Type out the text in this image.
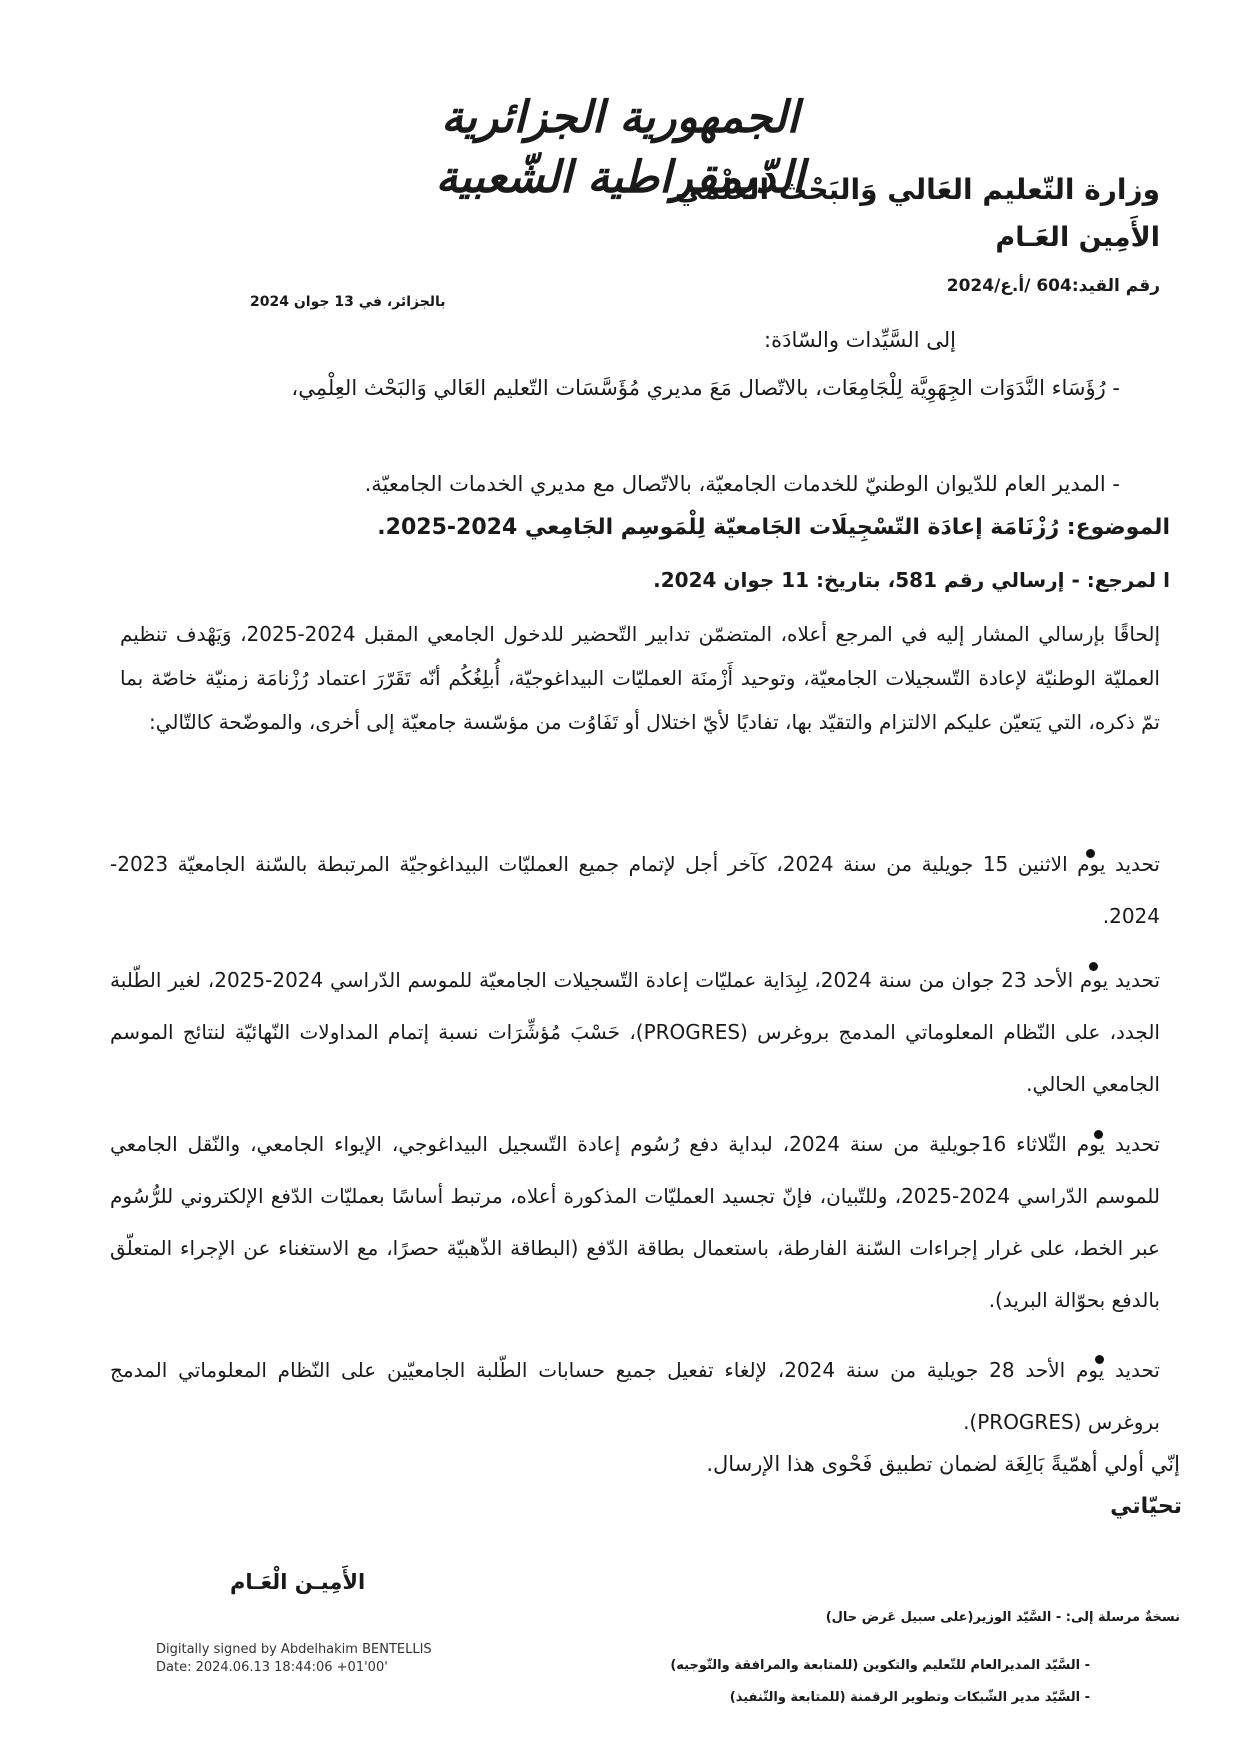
الجمهورية الجزائرية الدّيمقراطية الشّعبية
وزارة التّعليم العَالي وَالبَحْث العلْمي
الأَمِين العَـام
رقم القيد:604 /أ.ع/2024
بالجزائر، في 13 جوان 2024
إلى السَّيِّدات والسّادَة:
- رُؤَسَاء النَّدَوَات الجِهَوِيَّة لِلْجَامِعَات، بالاتّصال مَعَ مديري مُؤَسَّسَات التّعليم العَالي وَالبَحْث العِلْمِي،
- المدير العام للدّيوان الوطنيّ للخدمات الجامعيّة، بالاتّصال مع مديري الخدمات الجامعيّة.
الموضوع: رُزْنَامَة إعادَة التّسْجِيلَات الجَامعيّة لِلْمَوسِم الجَامِعي 2024-2025.
ا لمرجع: - إرسالي رقم 581، بتاريخ: 11 جوان 2024.
إلحاقًا بإرسالي المشار إليه في المرجع أعلاه، المتضمّن تدابير التّحضير للدخول الجامعي المقبل 2024-2025، وَيَهْدف تنظيم العمليّة الوطنيّة لإعادة التّسجيلات الجامعيّة، وتوحيد أَزْمنَة العمليّات البيداغوجيّة، أُبلِغُكُم أنّه تَقَرّرَ اعتماد رُزْنامَة زمنيّة خاصّة بما تمّ ذكره، التي يَتعيّن عليكم الالتزام والتقيّد بها، تفاديًا لأيّ اختلال أو تَفَاوُت من مؤسّسة جامعيّة إلى أخرى، والموضّحة كالتّالي:
تحديد يوم الاثنين 15 جويلية من سنة 2024، كآخر أجل لإتمام جميع العمليّات البيداغوجيّة المرتبطة بالسّنة الجامعيّة 2023-2024.
تحديد يوم الأحد 23 جوان من سنة 2024، لِبِدَاية عمليّات إعادة التّسجيلات الجامعيّة للموسم الدّراسي 2024-2025، لغير الطّلبة الجدد، على النّظام المعلوماتي المدمج بروغرس (PROGRES)، حَسْبَ مُؤشِّرَات نسبة إتمام المداولات النّهائيّة لنتائج الموسم الجامعي الحالي.
تحديد يوم الثّلاثاء 16جويلية من سنة 2024، لبداية دفع رُسُوم إعادة التّسجيل البيداغوجي، الإيواء الجامعي، والنّقل الجامعي للموسم الدّراسي 2024-2025، وللتّبيان، فإنّ تجسيد العمليّات المذكورة أعلاه، مرتبط أساسًا بعمليّات الدّفع الإلكتروني للرُّسُوم عبر الخط، على غرار إجراءات السّنة الفارطة، باستعمال بطاقة الدّفع (البطاقة الذّهبيّة حصرًا، مع الاستغناء عن الإجراء المتعلّق بالدفع بحوّالة البريد).
تحديد يوم الأحد 28 جويلية من سنة 2024، لإلغاء تفعيل جميع حسابات الطّلبة الجامعيّين على النّظام المعلوماتي المدمج بروغرس (PROGRES).
إنّي أولي أهمّيةً بَالِغَة لضمان تطبيق فَحْوى هذا الإرسال.
تحيّاتي
الأَمِيـن الْعَـام
Digitally signed by Abdelhakim BENTELLIS
Date: 2024.06.13 18:44:06 +01'00'
نسخةٌ مرسلة إلى: - السَّيّد الوزير(على سبيل عَرض حال)
- السَّيّد المديرالعام للتّعليم والتكوين (للمتابعة والمرافقة والتّوجيه)
- السَّيّد مدير الشّبكات وتطوير الرقمنة (للمتابعة والتّنفيذ)
